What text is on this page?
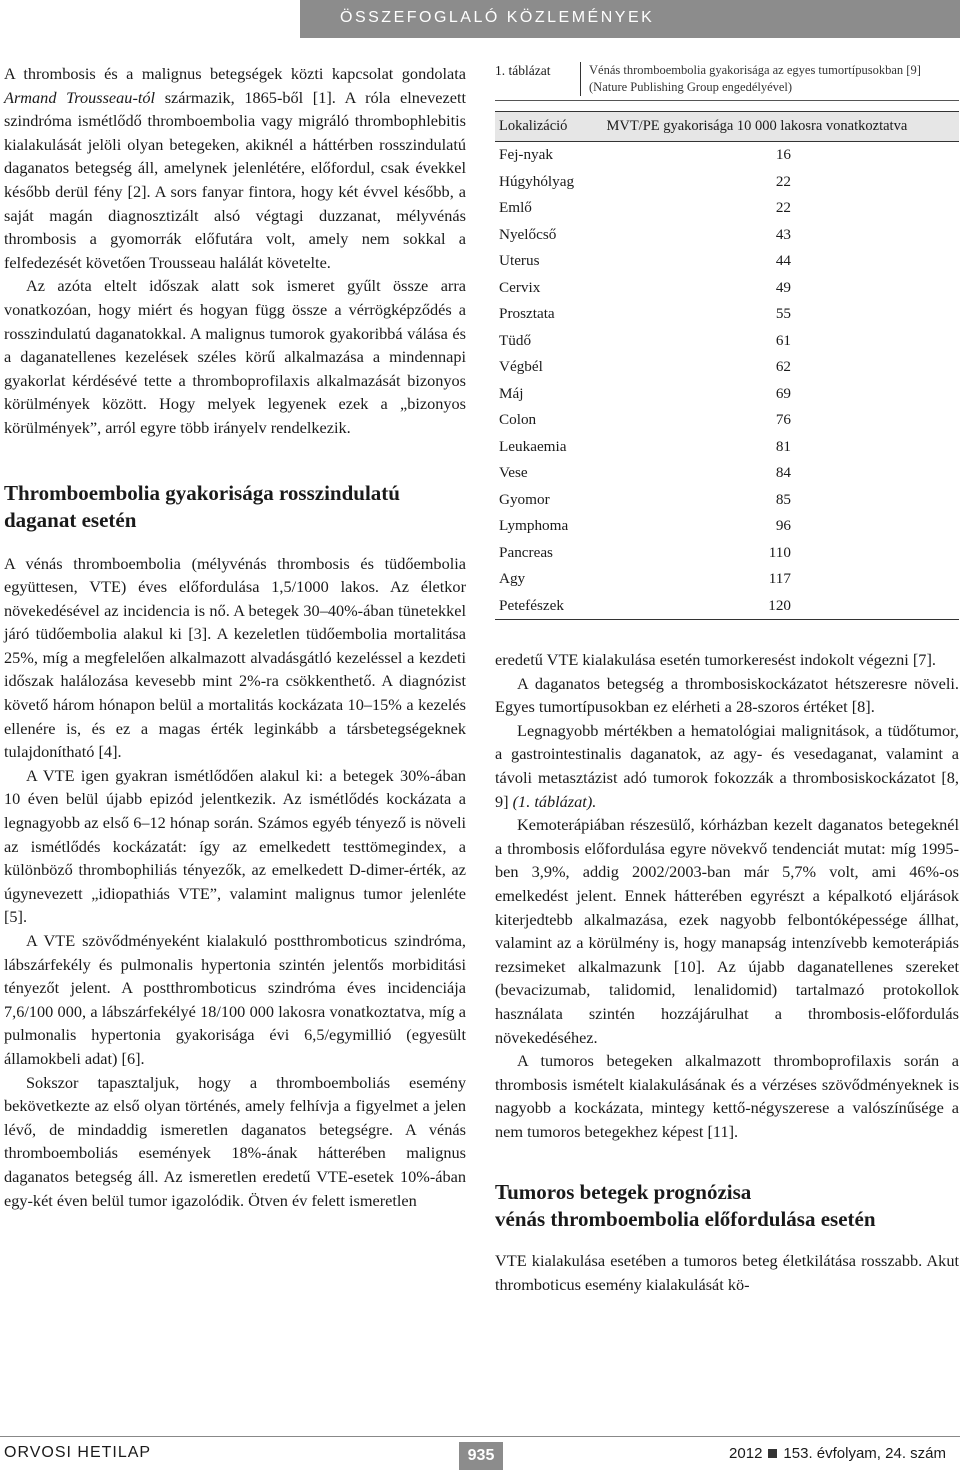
ÖSSZEFOGLALÓ KÖZLEMÉNYEK

A thrombosis és a malignus betegségek közti kapcsolat gondolata Armand Trousseau-tól származik, 1865-ből [1]. A róla elnevezett szindróma ismétlődő thromboembolia vagy migráló thrombophlebitis kialakulását jelöli olyan betegeken, akiknél a háttérben rosszindulatú daganatos betegség áll, amelynek jelenlétére, előfordul, csak évekkel később derül fény [2]. A sors fanyar fintora, hogy két évvel később, a saját magán diagnosztizált alsó végtagi duzzanat, mélyvénás thrombosis a gyomorrák előfutára volt, amely nem sokkal a felfedezését követően Trousseau halálát követelte.

Az azóta eltelt időszak alatt sok ismeret gyűlt össze arra vonatkozóan, hogy miért és hogyan függ össze a vérrögképződés a rosszindulatú daganatokkal. A malignus tumorok gyakoribbá válása és a daganatellenes kezelések széles körű alkalmazása a mindennapi gyakorlat kérdésévé tette a thromboprofilaxis alkalmazását bizonyos körülmények között. Hogy melyek legyenek ezek a „bizonyos körülmények”, arról egyre több irányelv rendelkezik.

Thromboembolia gyakorisága rosszindulatú daganat esetén

A vénás thromboembolia (mélyvénás thrombosis és tüdőembolia együttesen, VTE) éves előfordulása 1,5/1000 lakos. Az életkor növekedésével az incidencia is nő. A betegek 30–40%-ában tünetekkel járó tüdőembolia alakul ki [3]. A kezeletlen tüdőembolia mortalitása 25%, míg a megfelelően alkalmazott alvadásgátló kezeléssel a kezdeti időszak halálozása kevesebb mint 2%-ra csökkenthető. A diagnózist követő három hónapon belül a mortalitás kockázata 10–15% a kezelés ellenére is, és ez a magas érték leginkább a társbetegségeknek tulajdonítható [4].

A VTE igen gyakran ismétlődően alakul ki: a betegek 30%-ában 10 éven belül újabb epizód jelentkezik. Az ismétlődés kockázata a legnagyobb az első 6–12 hónap során. Számos egyéb tényező is növeli az ismétlődés kockázatát: így az emelkedett testtömegindex, a különböző thrombophiliás tényezők, az emelkedett D-dimer-érték, az úgynevezett „idiopathiás VTE”, valamint malignus tumor jelenléte [5].

A VTE szövődményeként kialakuló postthromboticus szindróma, lábszárfekély és pulmonalis hypertonia szintén jelentős morbiditási tényezőt jelent. A postthromboticus szindróma éves incidenciája 7,6/100 000, a lábszárfekélyé 18/100 000 lakosra vonatkoztatva, míg a pulmonalis hypertonia gyakorisága évi 6,5/egymillió (egyesült államokbeli adat) [6].

Sokszor tapasztaljuk, hogy a thromboemboliás esemény bekövetkezte az első olyan történés, amely felhívja a figyelmet a jelen lévő, de mindaddig ismeretlen daganatos betegségre. A vénás thromboemboliás események 18%-ának hátterében malignus daganatos betegség áll. Az ismeretlen eredetű VTE-esetek 10%-ában egy-két éven belül tumor igazolódik. Ötven év felett ismeretlen

1. táblázat	Vénás thromboembolia gyakorisága az egyes tumortípusokban [9]
(Nature Publishing Group engedélyével)
Lokalizáció	MVT/PE gyakorisága 10 000 lakosra vonatkoztatva
Fej-nyak	16
Húgyhólyag	22
Emlő	22
Nyelőcső	43
Uterus	44
Cervix	49
Prosztata	55
Tüdő	61
Végbél	62
Máj	69
Colon	76
Leukaemia	81
Vese	84
Gyomor	85
Lymphoma	96
Pancreas	110
Agy	117
Petefészek	120

eredetű VTE kialakulása esetén tumorkeresést indokolt végezni [7].

A daganatos betegség a thrombosiskockázatot hétszeresre növeli. Egyes tumortípusokban ez elérheti a 28-szoros értéket [8].

Legnagyobb mértékben a hematológiai malignitások, a tüdőtumor, a gastrointestinalis daganatok, az agy- és vesedaganat, valamint a távoli metasztázist adó tumorok fokozzák a thrombosiskockázatot [8, 9] (1. táblázat).

Kemoterápiában részesülő, kórházban kezelt daganatos betegeknél a thrombosis előfordulása egyre növekvő tendenciát mutat: míg 1995-ben 3,9%, addig 2002/2003-ban már 5,7% volt, ami 46%-os emelkedést jelent. Ennek hátterében egyrészt a képalkotó eljárások kiterjedtebb alkalmazása, ezek nagyobb felbontóképessége állhat, valamint az a körülmény is, hogy manapság intenzívebb kemoterápiás rezsimeket alkalmazunk [10]. Az újabb daganatellenes szereket (bevacizumab, talidomid, lenalidomid) tartalmazó protokollok használata szintén hozzájárulhat a thrombosis-előfordulás növekedéséhez.

A tumoros betegeken alkalmazott thromboprofilaxis során a thrombosis ismételt kialakulásának és a vérzéses szövődményeknek is nagyobb a kockázata, mintegy kettő-négyszerese a valószínűsége a nem tumoros betegekhez képest [11].

Tumoros betegek prognózisa
vénás thromboembolia előfordulása esetén

VTE kialakulása esetében a tumoros beteg életkilátása rosszabb. Akut thromboticus esemény kialakulását kö-

ORVOSI HETILAP	935	2012 153. évfolyam, 24. szám
